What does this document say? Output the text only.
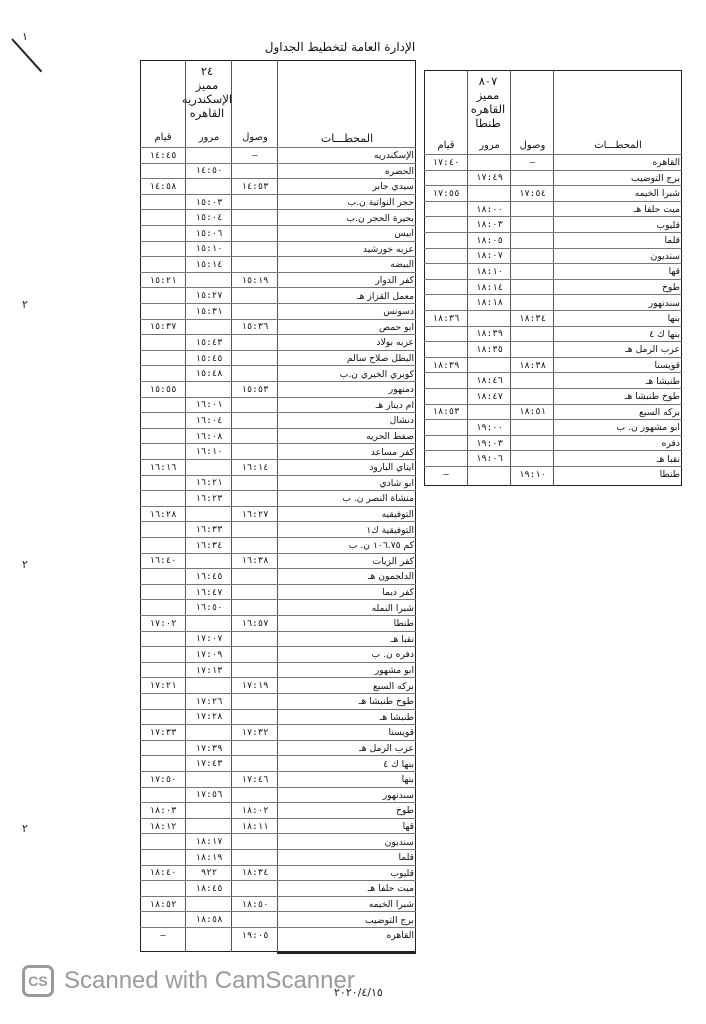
الإدارة العامة لتخطيط الجداول
١
٢
٢
٢
٢٤
مميز
الإسكندريه
القاهره
المحطـــات
وصول
مرور
قيام
الإسكندريه
—
١٤:٤٥
الحضره
١٤:٥٠
سيدي جابر
١٤:٥٣
١٤:٥٨
حجر النواتية ن.ب
١٥:٠٣
بحيرة الحجر ن.ب
١٥:٠٤
ابيس
١٥:٠٦
عزبه خورشيد
١٥:١٠
البيضه
١٥:١٤
كفر الدوار
١٥:١٩
١٥:٢١
معمل القزاز هـ
١٥:٢٧
دسونس
١٥:٣١
ابو حمص
١٥:٣٦
١٥:٣٧
عزبه بولاد
١٥:٤٣
البطل صلاح سالم
١٥:٤٥
كوبري الخيري ن.ب
١٥:٤٨
دمنهور
١٥:٥٣
١٥:٥٥
ام دينار هـ
١٦:٠١
دنشال
١٦:٠٤
صفط الحريه
١٦:٠٨
كفر مساعد
١٦:١٠
ايتاي البارود
١٦:١٤
١٦:١٦
ابو شادي
١٦:٢١
منشاة النصر ن. ب
١٦:٢٣
التوفيقيه
١٦:٢٧
١٦:٢٨
التوفيقية ك١
١٦:٣٣
كم ١٠٦.٧٥ ن. ب
١٦:٣٤
كفر الزيات
١٦:٣٨
١٦:٤٠
الدلجمون هـ
١٦:٤٥
كفر ديما
١٦:٤٧
شبرا النمله
١٦:٥٠
طنطا
١٦:٥٧
١٧:٠٢
نقبا هـ
١٧:٠٧
دفره ن. ب
١٧:٠٩
ابو مشهور
١٧:١٣
بركه السبع
١٧:١٩
١٧:٢١
طوخ طنبشا هـ
١٧:٢٦
طنبشا هـ
١٧:٢٨
قويسنا
١٧:٣٢
١٧:٣٣
عرب الرمل هـ
١٧:٣٩
بنها ك ٤
١٧:٤٣
بنها
١٧:٤٦
١٧:٥٠
سندنهور
١٧:٥٦
طوخ
١٨:٠٢
١٨:٠٣
قها
١٨:١١
١٨:١٢
سنديون
١٨:١٧
قلما
١٨:١٩
قليوب
١٨:٣٤
٩٢٢
١٨:٤٠
ميت حلفا هـ
١٨:٤٥
شبرا الخيمه
١٨:٥٠
١٨:٥٢
برج التوضيب
١٨:٥٨
القاهره
١٩:٠٥
—
٨٠٧
مميز
القاهره
طنطا
المحطـــات
وصول
مرور
قيام
القاهره
—
١٧:٤٠
برج التوضيب
١٧:٤٩
شبرا الخيمه
١٧:٥٤
١٧:٥٥
ميت حلفا هـ
١٨:٠٠
قليوب
١٨:٠٣
قلما
١٨:٠٥
سنديون
١٨:٠٧
قها
١٨:١٠
طوخ
١٨:١٤
سندنهور
١٨:١٨
بنها
١٨:٣٤
١٨:٣٦
بنها ك ٤
١٨:٣٩
عرب الرمل هـ
١٨:٣٥
قويسنا
١٨:٣٨
١٨:٣٩
طنبشا هـ
١٨:٤٦
طوخ طنبشا هـ
١٨:٤٧
بركه السبع
١٨:٥١
١٨:٥٣
ابو مشهور ن. ب
١٩:٠٠
دفره
١٩:٠٣
نقبا هـ
١٩:٠٦
طنطا
١٩:١٠
—
CS Scanned with CamScanner
٢٠٢٠/٤/١٥
